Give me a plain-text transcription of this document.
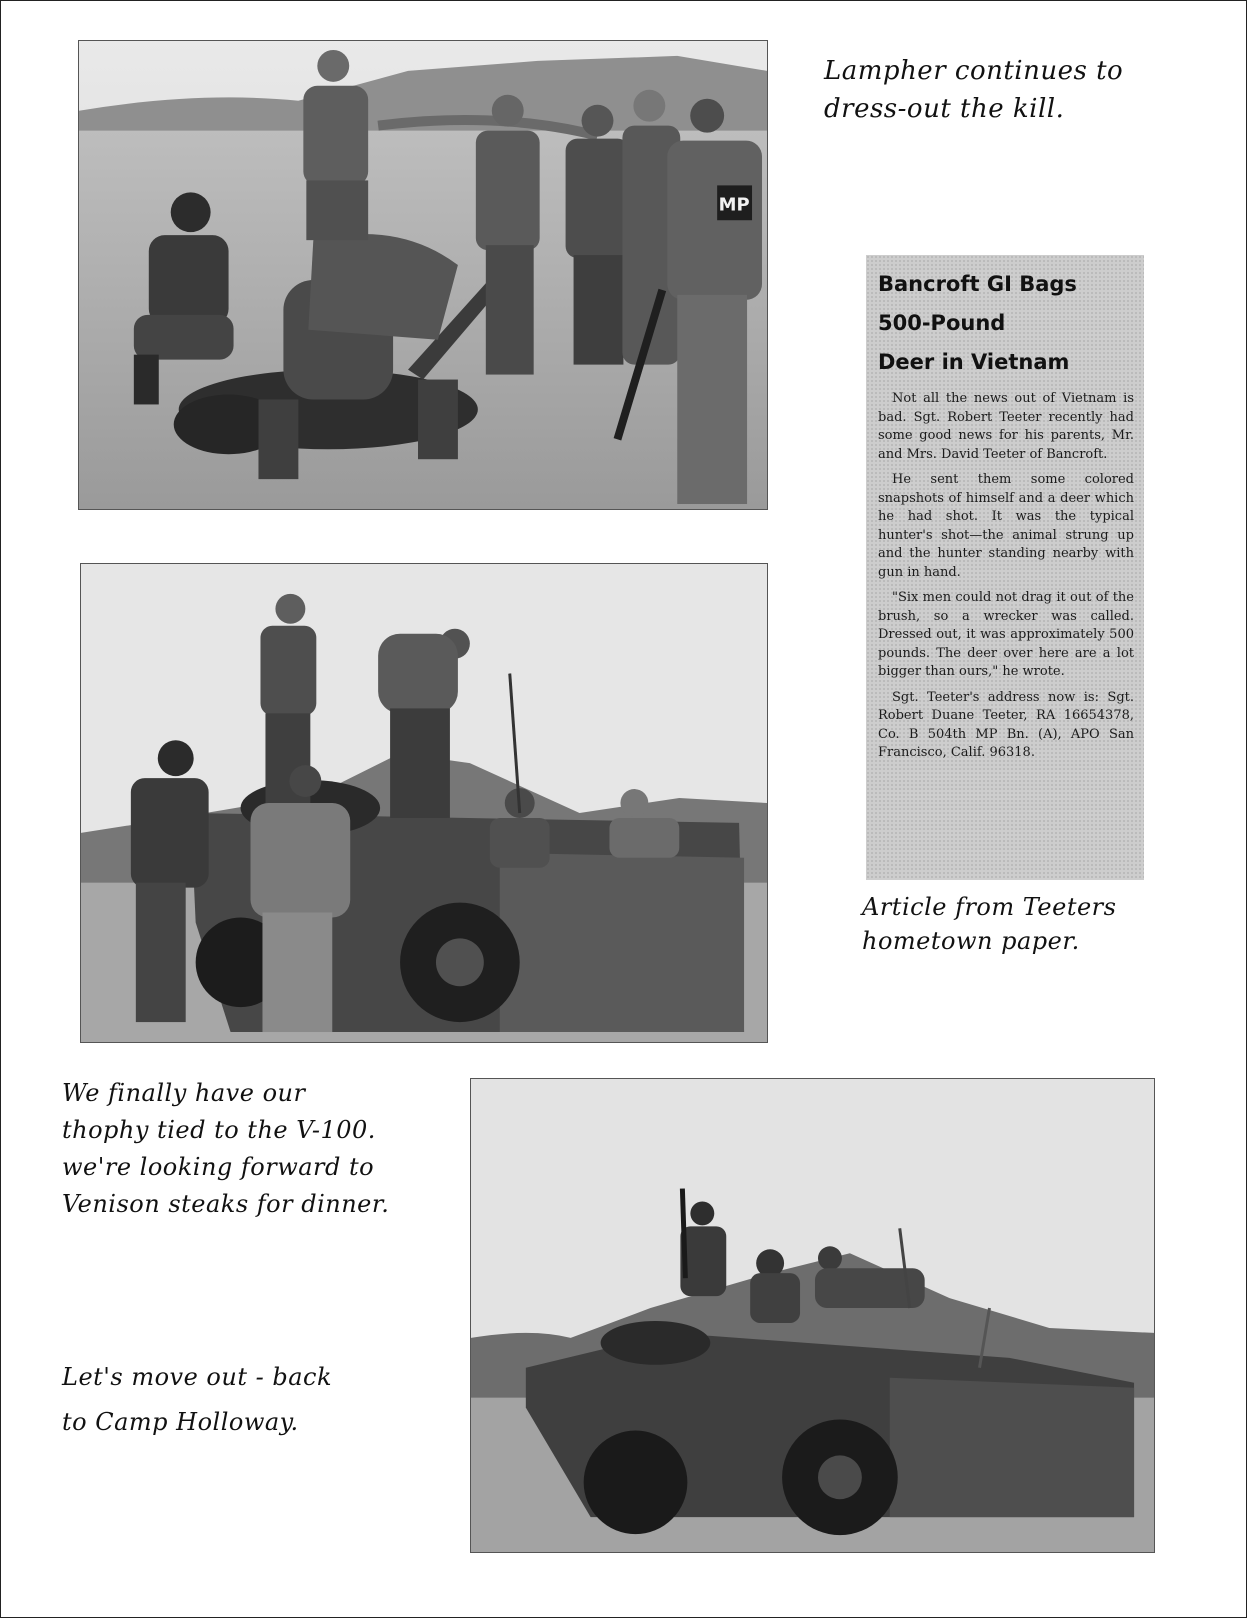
MP

Lampher continues to
dress-out the kill.

Article from Teeters
hometown paper.

We finally have our
thophy tied to the V-100.
we're looking forward to
Venison steaks for dinner.

Let's move out - back
to Camp Holloway.

Bancroft GI Bags
500-Pound
Deer in Vietnam

Not all the news out of Vietnam is bad. Sgt. Robert Teeter recently had some good news for his parents, Mr. and Mrs. David Teeter of Bancroft.

He sent them some colored snapshots of himself and a deer which he had shot. It was the typical hunter's shot—the animal strung up and the hunter standing nearby with gun in hand.

"Six men could not drag it out of the brush, so a wrecker was called. Dressed out, it was approximately 500 pounds. The deer over here are a lot bigger than ours," he wrote.

Sgt. Teeter's address now is: Sgt. Robert Duane Teeter, RA 16654378, Co. B 504th MP Bn. (A), APO San Francisco, Calif. 96318.
